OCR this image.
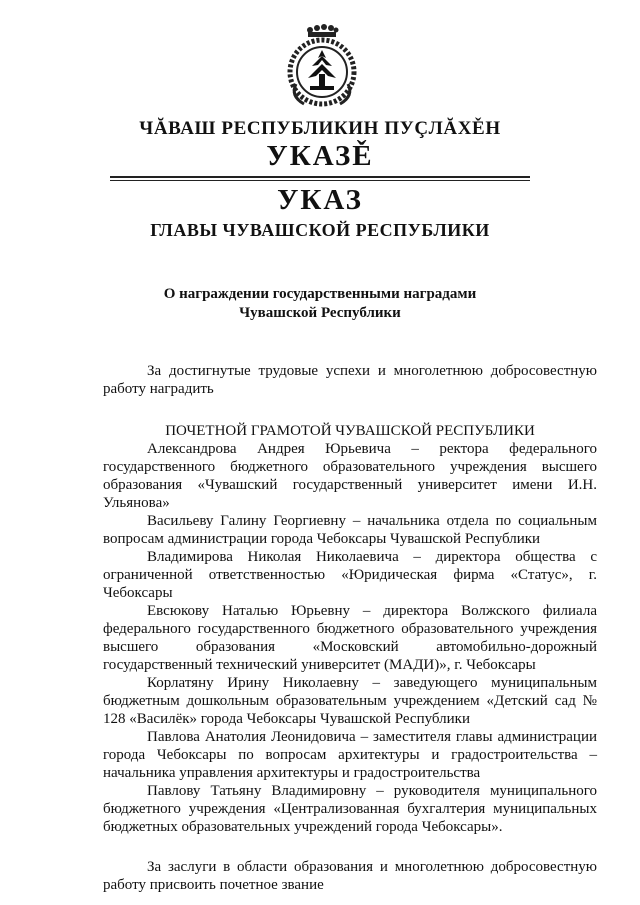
ЧĂВАШ РЕСПУБЛИКИН ПУÇЛĂХĚН
УКАЗĚ
УКАЗ
ГЛАВЫ ЧУВАШСКОЙ РЕСПУБЛИКИ
О награждении государственными наградами
Чувашской Республики

За достигнутые трудовые успехи и многолетнюю добросовестную работу наградить

ПОЧЕТНОЙ ГРАМОТОЙ ЧУВАШСКОЙ РЕСПУБЛИКИ

Александрова Андрея Юрьевича – ректора федерального государственного бюджетного образовательного учреждения высшего образования «Чувашский государственный университет имени И.Н. Ульянова»

Васильеву Галину Георгиевну – начальника отдела по социальным вопросам администрации города Чебоксары Чувашской Республики

Владимирова Николая Николаевича – директора общества с ограниченной ответственностью «Юридическая фирма «Статус», г. Чебоксары

Евсюкову Наталью Юрьевну – директора Волжского филиала федерального государственного бюджетного образовательного учреждения высшего образования «Московский автомобильно-дорожный государственный технический университет (МАДИ)», г. Чебоксары

Корлатяну Ирину Николаевну – заведующего муниципальным бюджетным дошкольным образовательным учреждением «Детский сад № 128 «Василёк» города Чебоксары Чувашской Республики

Павлова Анатолия Леонидовича – заместителя главы администрации города Чебоксары по вопросам архитектуры и градостроительства – начальника управления архитектуры и градостроительства

Павлову Татьяну Владимировну – руководителя муниципального бюджетного учреждения «Централизованная бухгалтерия муниципальных бюджетных образовательных учреждений города Чебоксары».

За заслуги в области образования и многолетнюю добросовестную работу присвоить почетное звание
